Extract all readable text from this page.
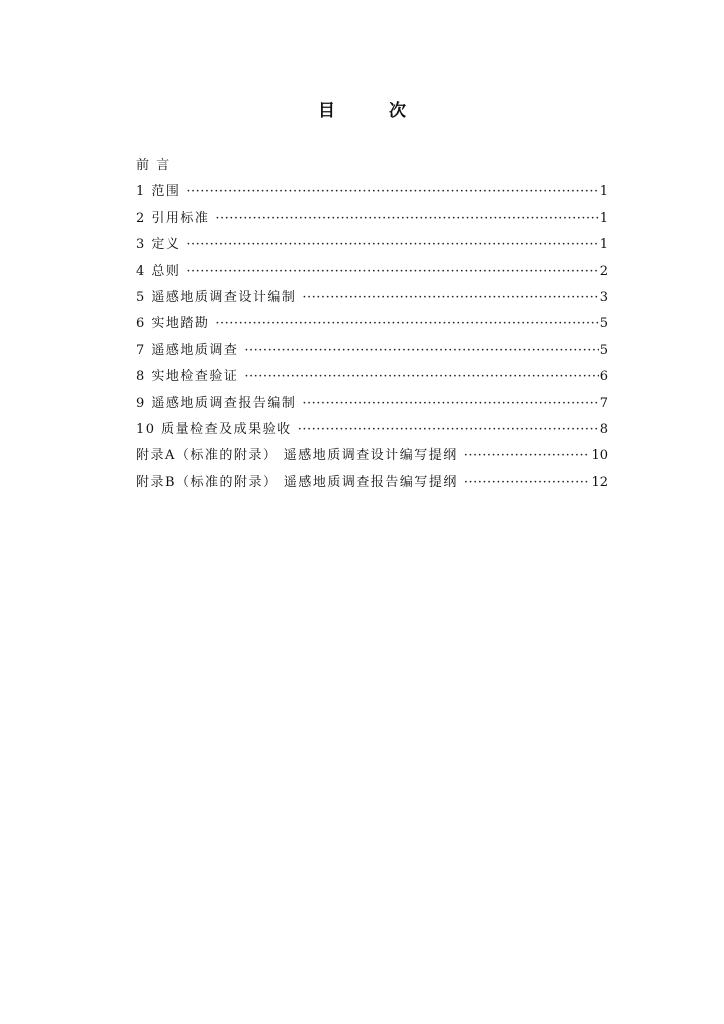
目 次
前 言
1 范围 ·····	1
2 引用标准 ·····	1
3 定义 ·····	1
4 总则 ·····	2
5 遥感地质调查设计编制 ·····	3
6 实地踏勘 ·····	5
7 遥感地质调查 ·····	5
8 实地检查验证 ·····	6
9 遥感地质调查报告编制 ·····	7
10 质量检查及成果验收 ·····	8
附录A（标准的附录） 遥感地质调查设计编写提纲 ·····	10
附录B（标准的附录） 遥感地质调查报告编写提纲 ·····	12
